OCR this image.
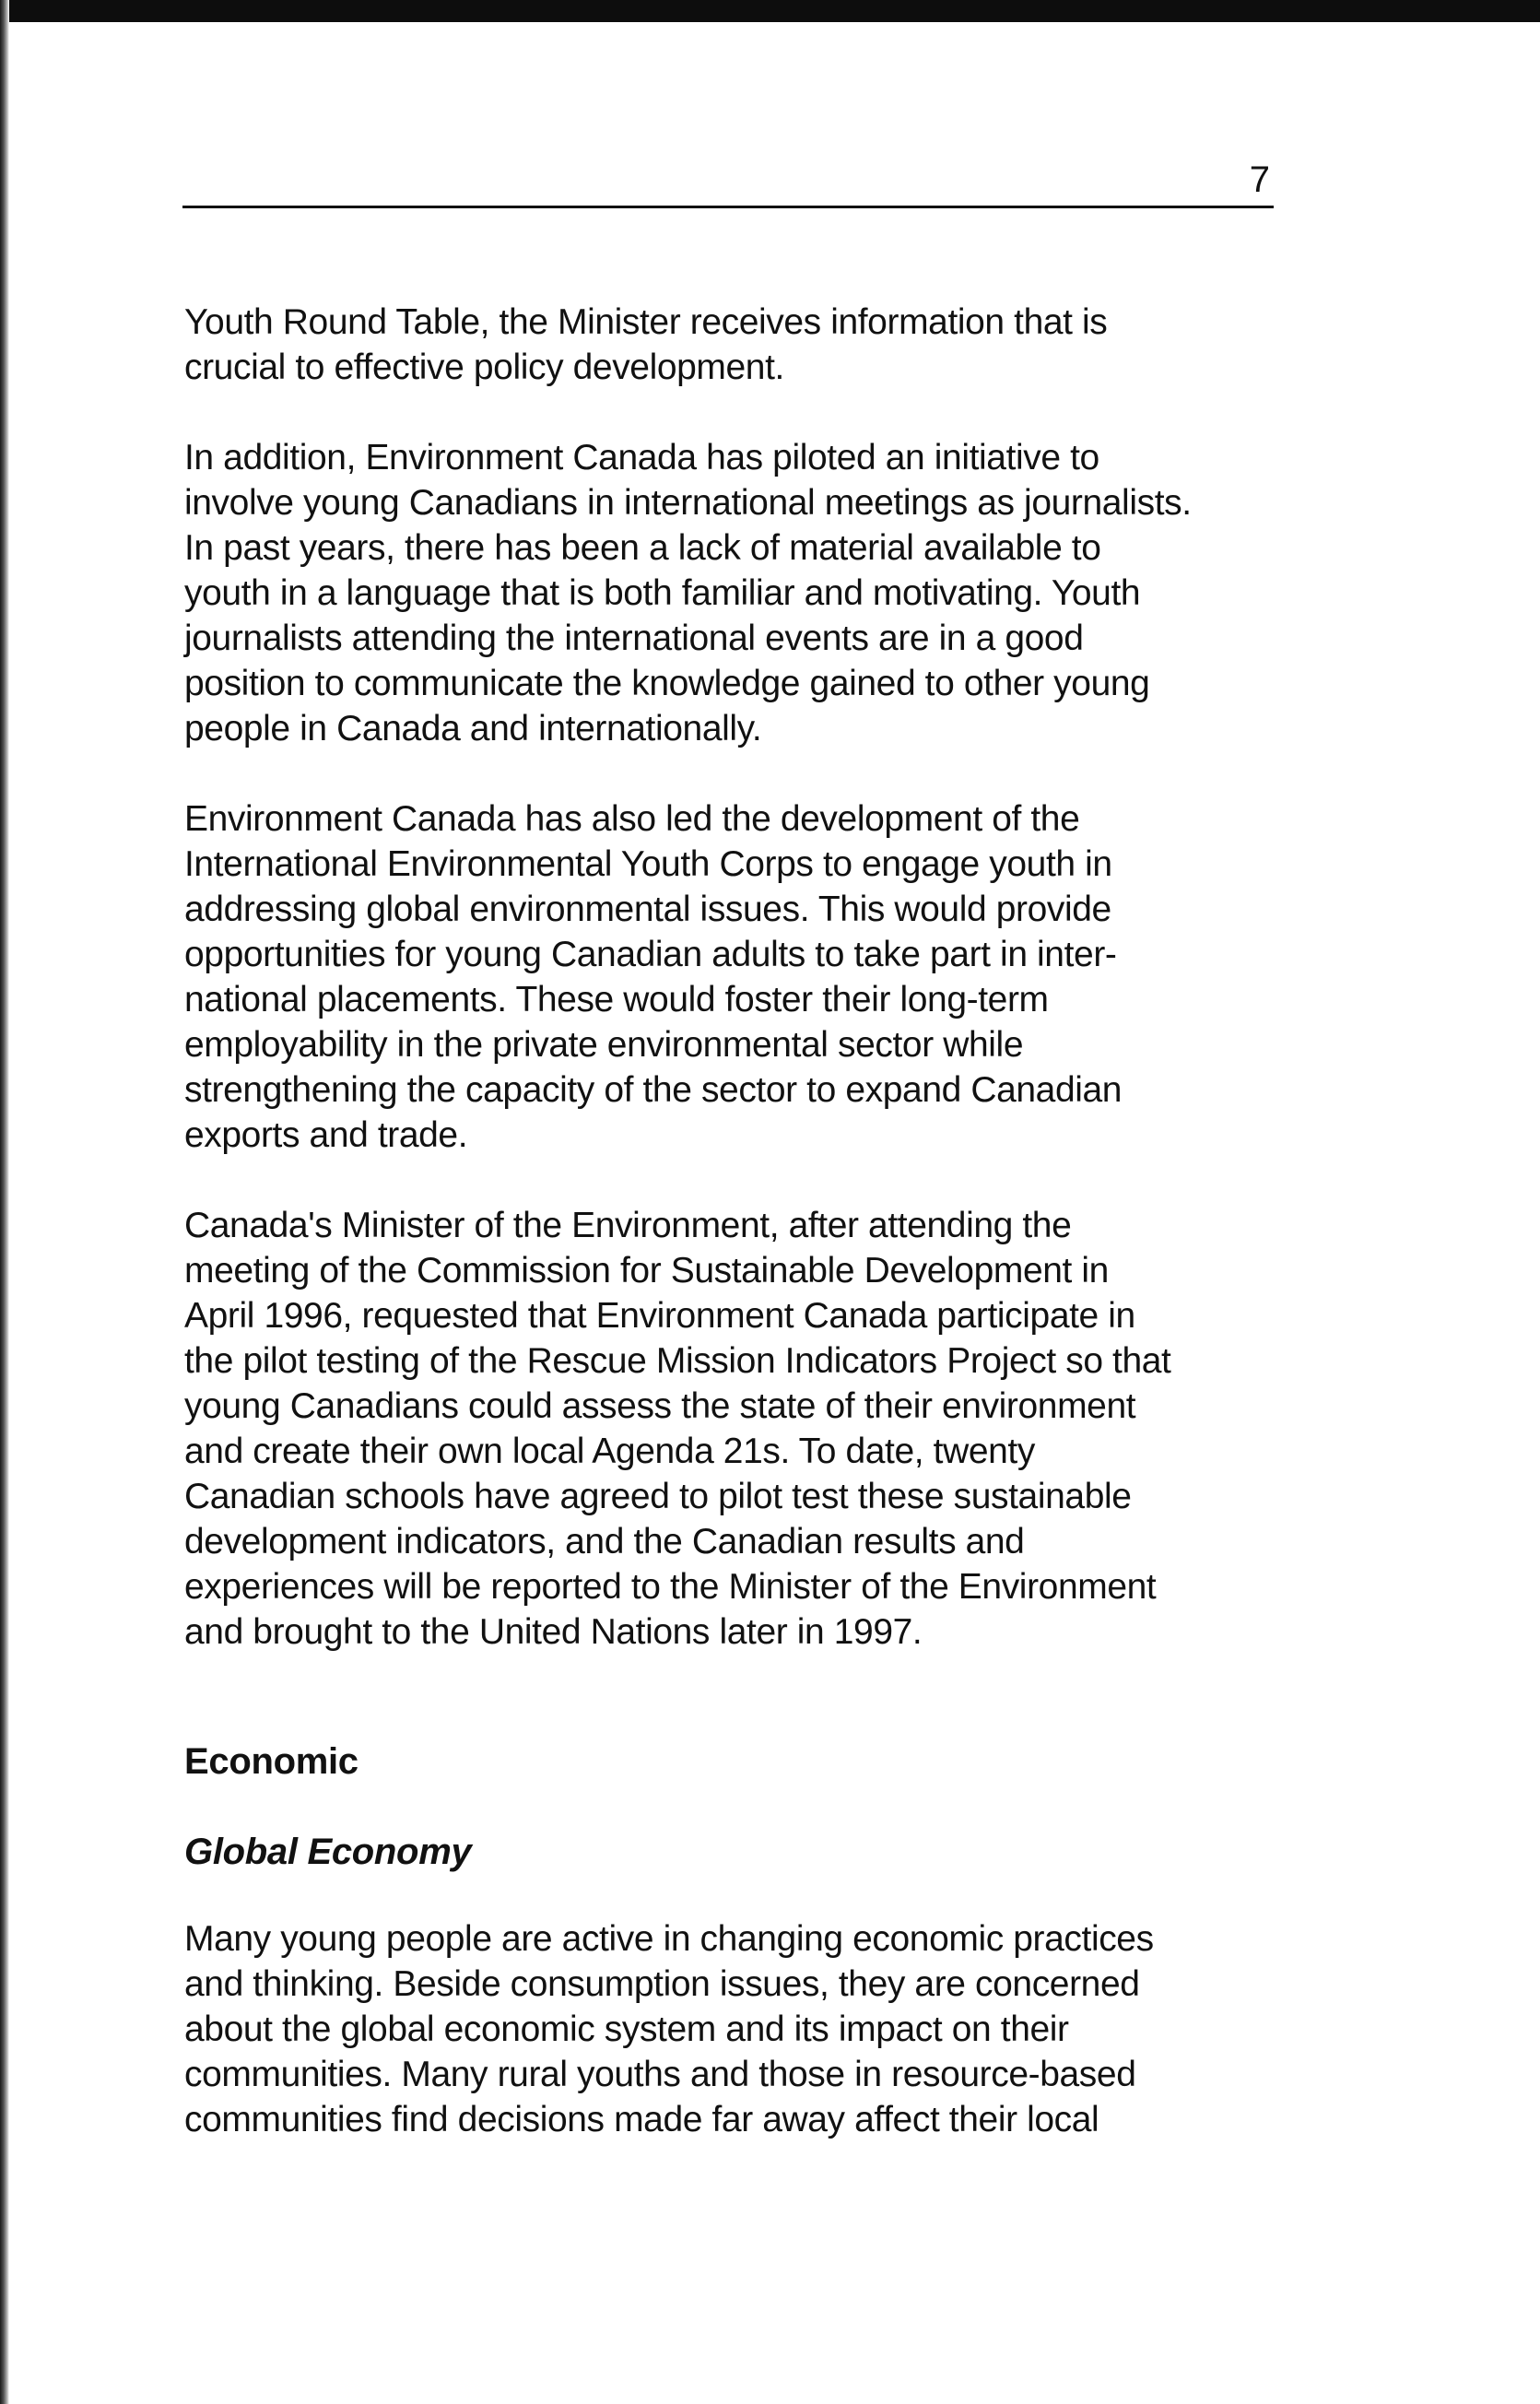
7

Youth Round Table, the Minister receives information that is
crucial to effective policy development.

In addition, Environment Canada has piloted an initiative to
involve young Canadians in international meetings as journalists.
In past years, there has been a lack of material available to
youth in a language that is both familiar and motivating. Youth
journalists attending the international events are in a good
position to communicate the knowledge gained to other young
people in Canada and internationally.

Environment Canada has also led the development of the
International Environmental Youth Corps to engage youth in
addressing global environmental issues. This would provide
opportunities for young Canadian adults to take part in inter-
national placements. These would foster their long-term
employability in the private environmental sector while
strengthening the capacity of the sector to expand Canadian
exports and trade.

Canada's Minister of the Environment, after attending the
meeting of the Commission for Sustainable Development in
April 1996, requested that Environment Canada participate in
the pilot testing of the Rescue Mission Indicators Project so that
young Canadians could assess the state of their environment
and create their own local Agenda 21s. To date, twenty
Canadian schools have agreed to pilot test these sustainable
development indicators, and the Canadian results and
experiences will be reported to the Minister of the Environment
and brought to the United Nations later in 1997.

Economic
Global Economy

Many young people are active in changing economic practices
and thinking. Beside consumption issues, they are concerned
about the global economic system and its impact on their
communities. Many rural youths and those in resource-based
communities find decisions made far away affect their local
